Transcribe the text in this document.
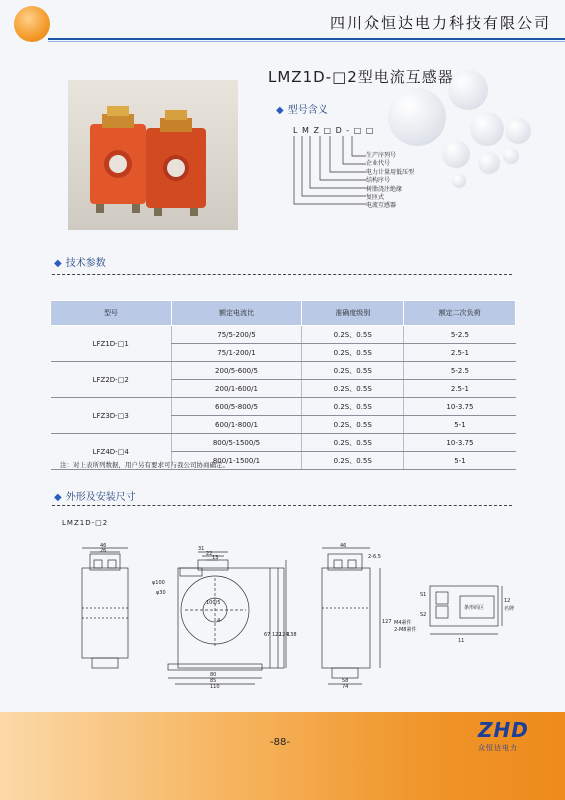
四川众恒达电力科技有限公司
LMZ1D-□2型电流互感器
◆ 型号含义
L M Z □ D - □ □
生产序列号
企业代号
电力计量用低压型
结构序号
树脂浇注绝缘
复匝式
电流互感器
◆ 技术参数
型号	额定电流比	准确度级别	额定二次负荷
LFZ1D-□1	75/5-200/5	0.2S、0.5S	5-2.5
	75/1-200/1	0.2S、0.5S	2.5-1
LFZ2D-□2	200/5-600/5	0.2S、0.5S	5-2.5
	200/1-600/1	0.2S、0.5S	2.5-1
LFZ3D-□3	600/5-800/5	0.2S、0.5S	10-3.75
	600/1-800/1	0.2S、0.5S	5-1
LFZ4D-□4	800/5-1500/5	0.2S、0.5S	10-3.75
	800/1-1500/1	0.2S、0.5S	5-1
注：对上表所列数据，用户另有要求可与我公司协商确定。
◆ 外形及安装尺寸
LMZ1D-□2
46
26	31
22
13
φ100
φ30
100/5
4
67 122
124
138
80
85
110
46
2-6.5
127
58
74
S1
S2
12
名牌
条形码区
M4紧件
2-M8紧件
11
-88-
ZHD
众恒达电力
